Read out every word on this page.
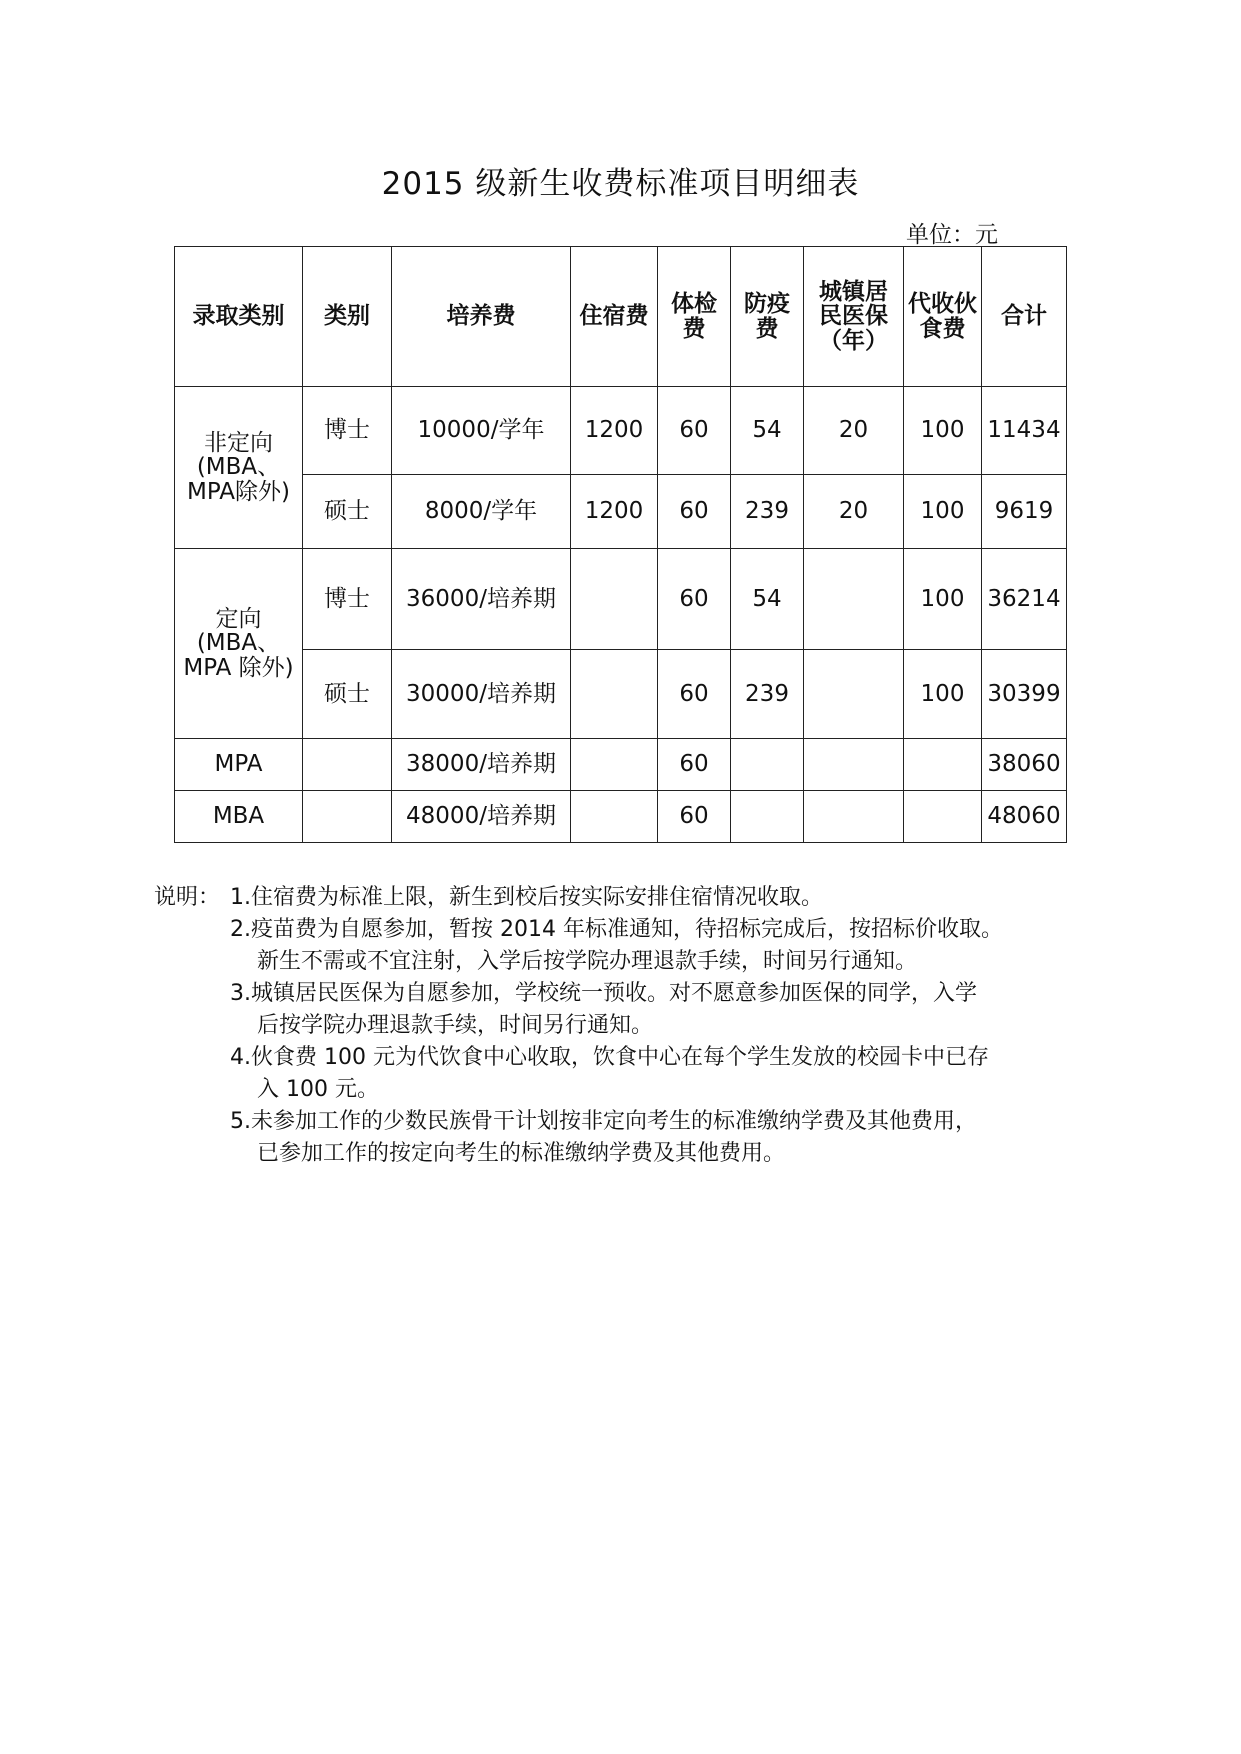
2015 级新生收费标准项目明细表
单位：元
录取类别	类别	培养费	住宿费	体检费	防疫费	城镇居民医保（年）	代收伙食费	合计
非定向(MBA、MPA除外)	博士	10000/学年	1200	60	54	20	100	11434
	硕士	8000/学年	1200	60	239	20	100	9619
定向(MBA、MPA 除外)	博士	36000/培养期		60	54		100	36214
	硕士	30000/培养期		60	239		100	30399
MPA		38000/培养期		60				38060
MBA		48000/培养期		60				48060
说明： 1.住宿费为标准上限，新生到校后按实际安排住宿情况收取。
2.疫苗费为自愿参加，暂按 2014 年标准通知，待招标完成后，按招标价收取。
新生不需或不宜注射，入学后按学院办理退款手续，时间另行通知。
3.城镇居民医保为自愿参加，学校统一预收。对不愿意参加医保的同学，入学
后按学院办理退款手续，时间另行通知。
4.伙食费 100 元为代饮食中心收取，饮食中心在每个学生发放的校园卡中已存
入 100 元。
5.未参加工作的少数民族骨干计划按非定向考生的标准缴纳学费及其他费用，
已参加工作的按定向考生的标准缴纳学费及其他费用。
